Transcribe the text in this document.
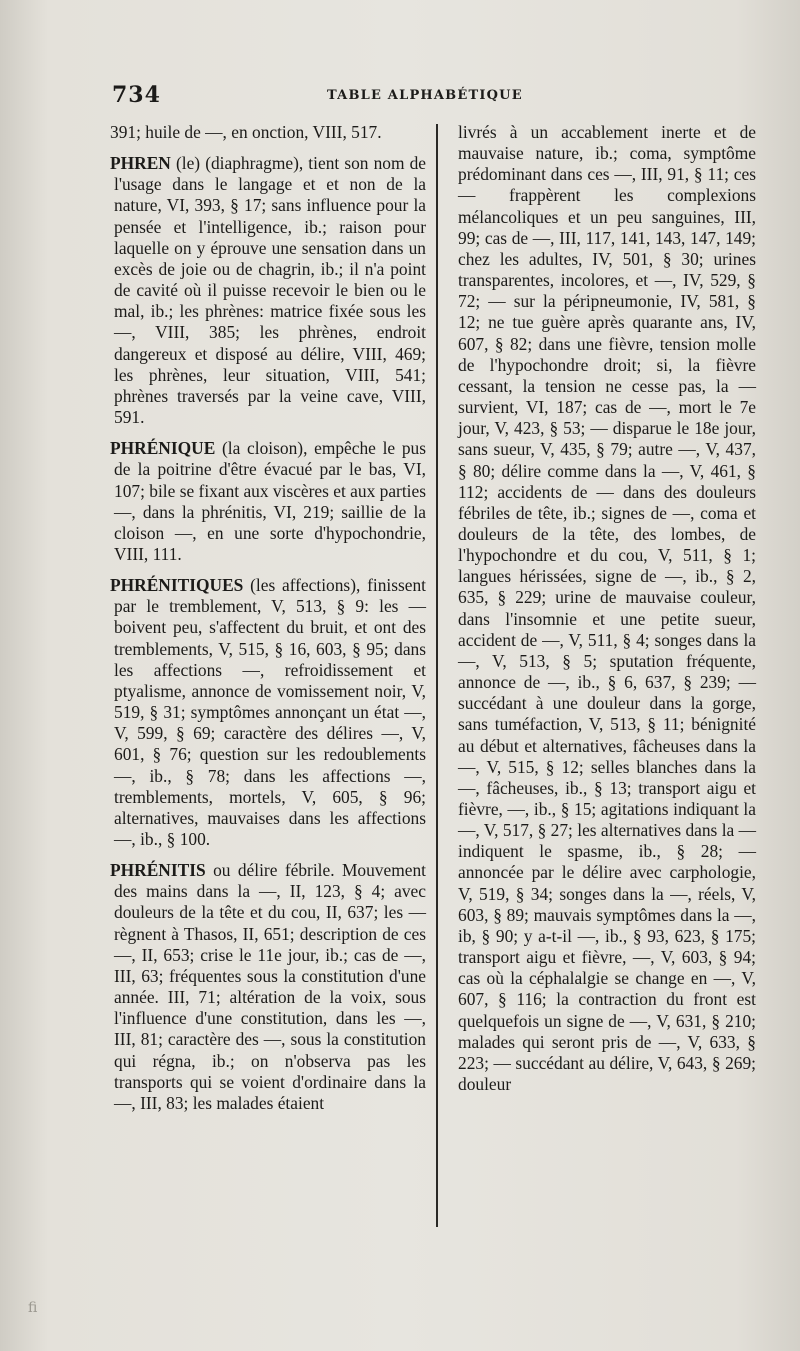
734	TABLE ALPHABÉTIQUE

391; huile de —, en onction, VIII, 517.

PHREN (le) (diaphragme), tient son nom de l'usage dans le langage et et non de la nature, VI, 393, § 17; sans influence pour la pensée et l'intelligence, ib.; raison pour laquelle on y éprouve une sensation dans un excès de joie ou de chagrin, ib.; il n'a point de cavité où il puisse recevoir le bien ou le mal, ib.; les phrènes: matrice fixée sous les —, VIII, 385; les phrènes, endroit dangereux et disposé au délire, VIII, 469; les phrènes, leur situation, VIII, 541; phrènes traversés par la veine cave, VIII, 591.

PHRÉNIQUE (la cloison), empêche le pus de la poitrine d'être évacué par le bas, VI, 107; bile se fixant aux viscères et aux parties —, dans la phrénitis, VI, 219; saillie de la cloison —, en une sorte d'hypochondrie, VIII, 111.

PHRÉNITIQUES (les affections), finissent par le tremblement, V, 513, § 9: les — boivent peu, s'affectent du bruit, et ont des tremblements, V, 515, § 16, 603, § 95; dans les affections —, refroidissement et ptyalisme, annonce de vomissement noir, V, 519, § 31; symptômes annonçant un état —, V, 599, § 69; caractère des délires —, V, 601, § 76; question sur les redoublements —, ib., § 78; dans les affections —, tremblements, mortels, V, 605, § 96; alternatives, mauvaises dans les affections —, ib., § 100.

PHRÉNITIS ou délire fébrile. Mouvement des mains dans la —, II, 123, § 4; avec douleurs de la tête et du cou, II, 637; les — règnent à Thasos, II, 651; description de ces —, II, 653; crise le 11e jour, ib.; cas de —, III, 63; fréquentes sous la constitution d'une année. III, 71; altération de la voix, sous l'influence d'une constitution, dans les —, III, 81; caractère des —, sous la constitution qui régna, ib.; on n'observa pas les transports qui se voient d'ordinaire dans la —, III, 83; les malades étaient

livrés à un accablement inerte et de mauvaise nature, ib.; coma, symptôme prédominant dans ces —, III, 91, § 11; ces — frappèrent les complexions mélancoliques et un peu sanguines, III, 99; cas de —, III, 117, 141, 143, 147, 149; chez les adultes, IV, 501, § 30; urines transparentes, incolores, et —, IV, 529, § 72; — sur la péripneumonie, IV, 581, § 12; ne tue guère après quarante ans, IV, 607, § 82; dans une fièvre, tension molle de l'hypochondre droit; si, la fièvre cessant, la tension ne cesse pas, la — survient, VI, 187; cas de —, mort le 7e jour, V, 423, § 53; — disparue le 18e jour, sans sueur, V, 435, § 79; autre —, V, 437, § 80; délire comme dans la —, V, 461, § 112; accidents de — dans des douleurs fébriles de tête, ib.; signes de —, coma et douleurs de la tête, des lombes, de l'hypochondre et du cou, V, 511, § 1; langues hérissées, signe de —, ib., § 2, 635, § 229; urine de mauvaise couleur, dans l'insomnie et une petite sueur, accident de —, V, 511, § 4; songes dans la —, V, 513, § 5; sputation fréquente, annonce de —, ib., § 6, 637, § 239; — succédant à une douleur dans la gorge, sans tuméfaction, V, 513, § 11; bénignité au début et alternatives, fâcheuses dans la —, V, 515, § 12; selles blanches dans la —, fâcheuses, ib., § 13; transport aigu et fièvre, —, ib., § 15; agitations indiquant la —, V, 517, § 27; les alternatives dans la — indiquent le spasme, ib., § 28; — annoncée par le délire avec carphologie, V, 519, § 34; songes dans la —, réels, V, 603, § 89; mauvais symptômes dans la —, ib, § 90; y a-t-il —, ib., § 93, 623, § 175; transport aigu et fièvre, —, V, 603, § 94; cas où la céphalalgie se change en —, V, 607, § 116; la contraction du front est quelquefois un signe de —, V, 631, § 210; malades qui seront pris de —, V, 633, § 223; — succédant au délire, V, 643, § 269; douleur

ﬁ
